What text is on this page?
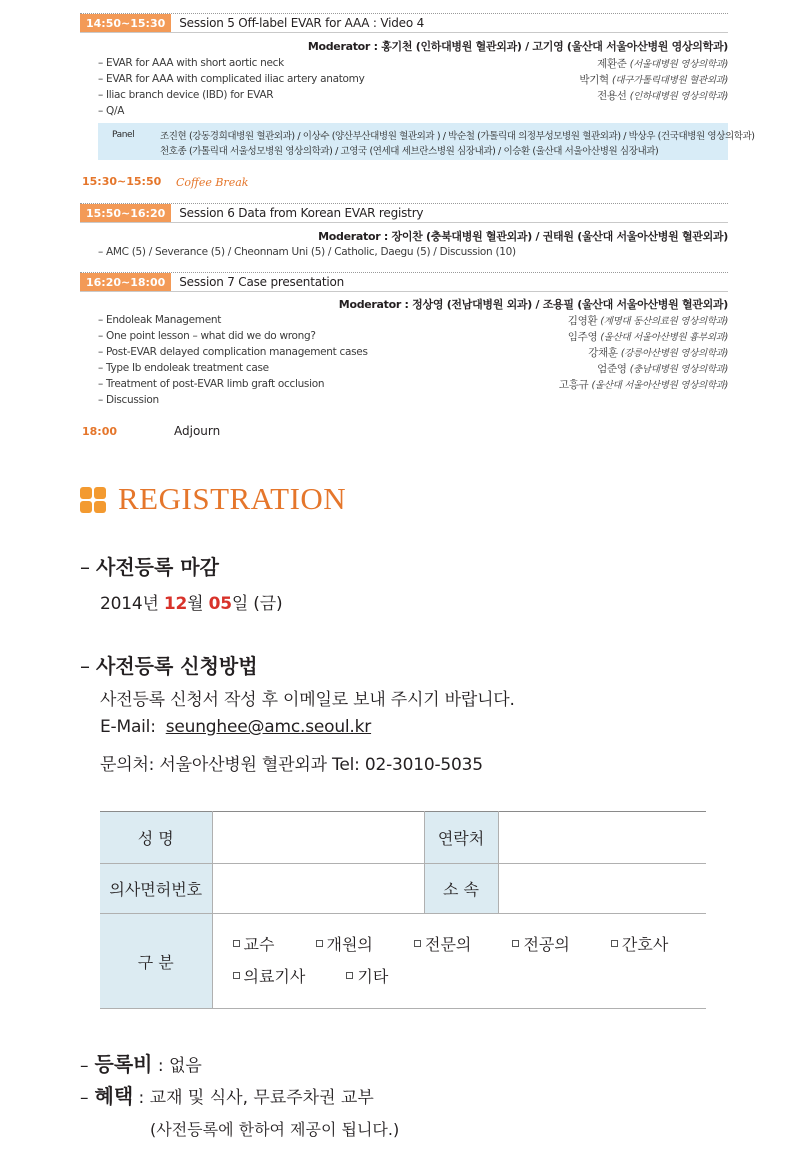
14:50~15:30	Session 5 Off-label EVAR for AAA : Video 4
Moderator : 홍기천 (인하대병원 혈관외과) / 고기영 (울산대 서울아산병원 영상의학과)
– EVAR for AAA with short aortic neck	제환준 (서울대병원 영상의학과)
– EVAR for AAA with complicated iliac artery anatomy	박기혁 (대구가톨릭대병원 혈관외과)
– Iliac branch device (IBD) for EVAR	전용선 (인하대병원 영상의학과)
– Q/A
Panel	조진현 (강동경희대병원 혈관외과) / 이상수 (양산부산대병원 혈관외과 ) / 박순철 (가톨릭대 의정부성모병원 혈관외과) / 박상우 (건국대병원 영상의학과)
천호종 (가톨릭대 서울성모병원 영상의학과) / 고영국 (연세대 세브란스병원 심장내과) / 이승환 (울산대 서울아산병원 심장내과)
15:30~15:50 Coffee Break
15:50~16:20	Session 6 Data from Korean EVAR registry
Moderator : 장이찬 (충북대병원 혈관외과) / 권태원 (울산대 서울아산병원 혈관외과)
– AMC (5) / Severance (5) / Cheonnam Uni (5) / Catholic, Daegu (5) / Discussion (10)
16:20~18:00	Session 7 Case presentation
Moderator : 정상영 (전남대병원 외과) / 조용필 (울산대 서울아산병원 혈관외과)
– Endoleak Management	김영환 (계명대 동산의료원 영상의학과)
– One point lesson – what did we do wrong?	임주영 (울산대 서울아산병원 흉부외과)
– Post-EVAR delayed complication management cases	강채훈 (강릉아산병원 영상의학과)
– Type Ib endoleak treatment case	엄준영 (충남대병원 영상의학과)
– Treatment of post-EVAR limb graft occlusion	고흥규 (울산대 서울아산병원 영상의학과)
– Discussion
18:00	Adjourn
REGISTRATION
– 사전등록 마감
2014년 12월 05일 (금)
– 사전등록 신청방법
사전등록 신청서 작성 후 이메일로 보내 주시기 바랍니다.
E-Mail: seunghee@amc.seoul.kr
문의처: 서울아산병원 혈관외과 Tel: 02-3010-5035
성 명		연락처	
의사면허번호		소 속	
구 분	교수 개원의 전문의 전공의 간호사
의료기사 기타		
– 등록비 : 없음
– 혜택 : 교재 및 식사, 무료주차권 교부
(사전등록에 한하여 제공이 됩니다.)
